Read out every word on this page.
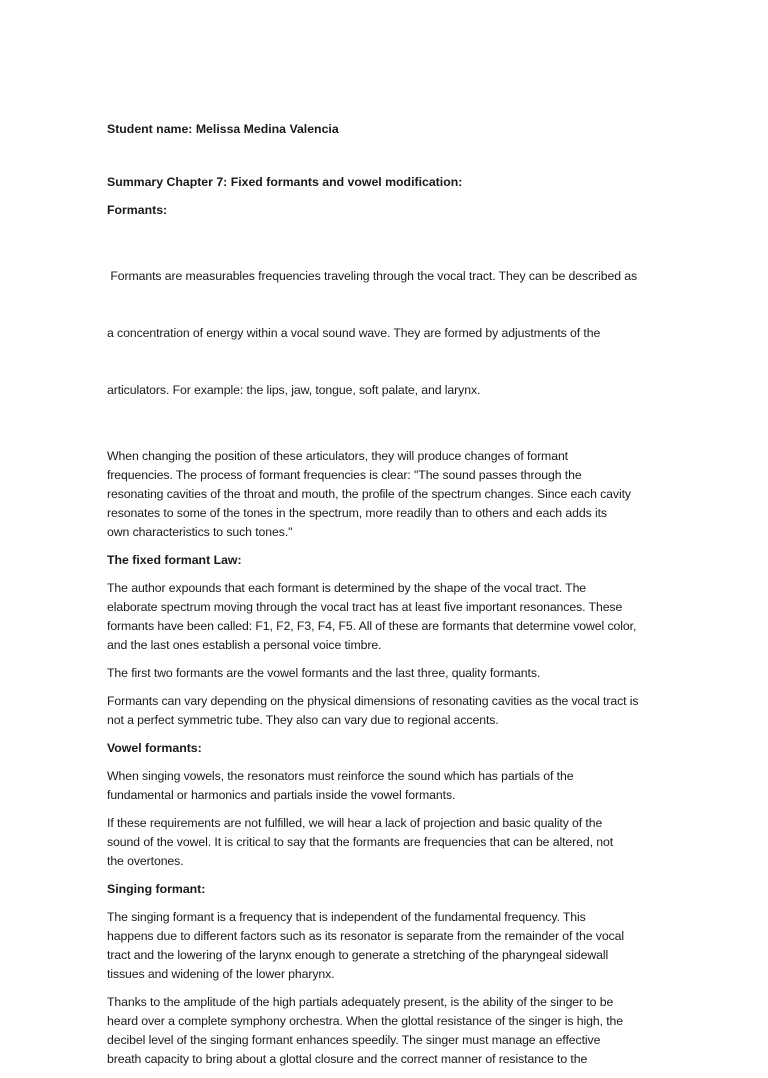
Student name: Melissa Medina Valencia
Summary Chapter 7: Fixed formants and vowel modification:
Formants:

Formants are measurables frequencies traveling through the vocal tract. They can be described as

a concentration of energy within a vocal sound wave. They are formed by adjustments of the

articulators. For example: the lips, jaw, tongue, soft palate, and larynx.

When changing the position of these articulators, they will produce changes of formant
frequencies. The process of formant frequencies is clear: "The sound passes through the
resonating cavities of the throat and mouth, the profile of the spectrum changes. Since each cavity
resonates to some of the tones in the spectrum, more readily than to others and each adds its
own characteristics to such tones."
The fixed formant Law:
The author expounds that each formant is determined by the shape of the vocal tract. The
elaborate spectrum moving through the vocal tract has at least five important resonances. These
formants have been called: F1, F2, F3, F4, F5. All of these are formants that determine vowel color,
and the last ones establish a personal voice timbre.
The first two formants are the vowel formants and the last three, quality formants.
Formants can vary depending on the physical dimensions of resonating cavities as the vocal tract is
not a perfect symmetric tube. They also can vary due to regional accents.
Vowel formants:
When singing vowels, the resonators must reinforce the sound which has partials of the
fundamental or harmonics and partials inside the vowel formants.
If these requirements are not fulfilled, we will hear a lack of projection and basic quality of the
sound of the vowel. It is critical to say that the formants are frequencies that can be altered, not
the overtones.
Singing formant:
The singing formant is a frequency that is independent of the fundamental frequency. This
happens due to different factors such as its resonator is separate from the remainder of the vocal
tract and the lowering of the larynx enough to generate a stretching of the pharyngeal sidewall
tissues and widening of the lower pharynx.
Thanks to the amplitude of the high partials adequately present, is the ability of the singer to be
heard over a complete symphony orchestra. When the glottal resistance of the singer is high, the
decibel level of the singing formant enhances speedily. The singer must manage an effective
breath capacity to bring about a glottal closure and the correct manner of resistance to the
